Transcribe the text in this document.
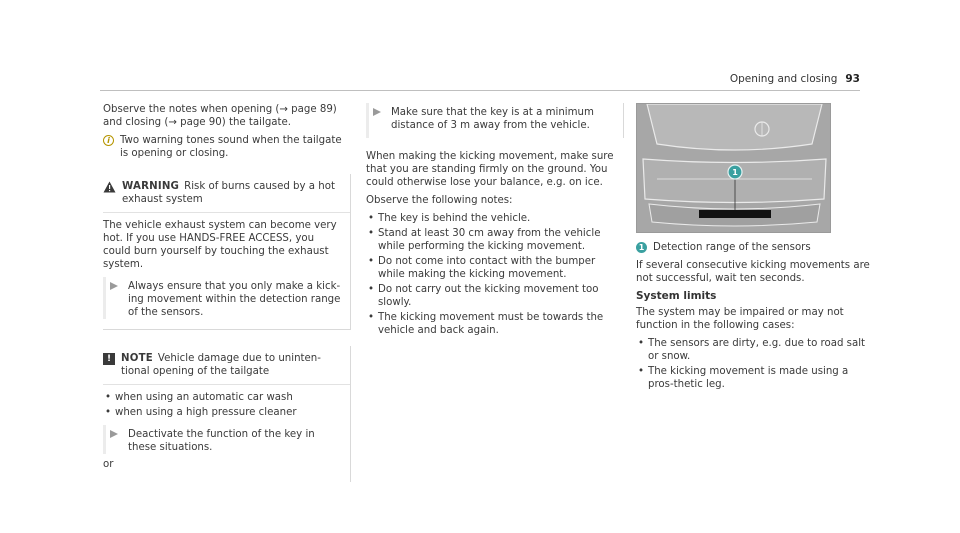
Opening and closing 93

Observe the notes when opening (→ page 89) and closing (→ page 90) the tailgate.

i Two warning tones sound when the tailgate is opening or closing.
WARNING Risk of burns caused by a hot exhaust system

The vehicle exhaust system can become very hot. If you use HANDS-FREE ACCESS, you could burn yourself by touching the exhaust system.

Always ensure that you only make a kick-ing movement within the detection range of the sensors.
! NOTE Vehicle damage due to uninten-tional opening of the tailgate
• when using an automatic car wash
• when using a high pressure cleaner
Deactivate the function of the key in these situations.

or

Make sure that the key is at a minimum distance of 3 m away from the vehicle.

When making the kicking movement, make sure that you are standing firmly on the ground. You could otherwise lose your balance, e.g. on ice.

Observe the following notes:

• The key is behind the vehicle.
• Stand at least 30 cm away from the vehicle while performing the kicking movement.
• Do not come into contact with the bumper while making the kicking movement.
• Do not carry out the kicking movement too slowly.
• The kicking movement must be towards the vehicle and back again.
1
1 Detection range of the sensors

If several consecutive kicking movements are not successful, wait ten seconds.

System limits

The system may be impaired or may not function in the following cases:

• The sensors are dirty, e.g. due to road salt or snow.
• The kicking movement is made using a pros-thetic leg.
